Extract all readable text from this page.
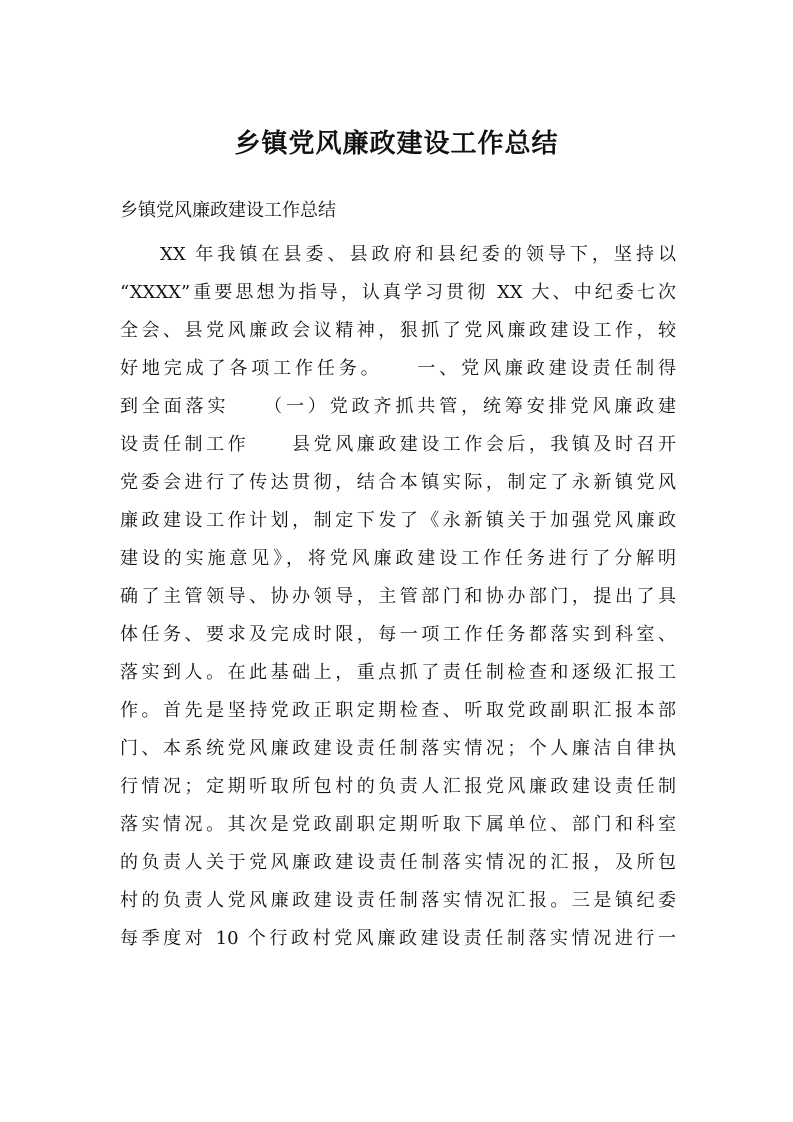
乡镇党风廉政建设工作总结

乡镇党风廉政建设工作总结

XX 年我镇在县委、县政府和县纪委的领导下，坚持以
“XXXX”重要思想为指导，认真学习贯彻 XX 大、中纪委七次
全会、县党风廉政会议精神，狠抓了党风廉政建设工作，较
好地完成了各项工作任务。　　一、党风廉政建设责任制得
到全面落实　　（一）党政齐抓共管，统筹安排党风廉政建
设责任制工作　　县党风廉政建设工作会后，我镇及时召开
党委会进行了传达贯彻，结合本镇实际，制定了永新镇党风
廉政建设工作计划，制定下发了《永新镇关于加强党风廉政
建设的实施意见》，将党风廉政建设工作任务进行了分解明
确了主管领导、协办领导，主管部门和协办部门，提出了具
体任务、要求及完成时限，每一项工作任务都落实到科室、
落实到人。在此基础上，重点抓了责任制检查和逐级汇报工
作。首先是坚持党政正职定期检查、听取党政副职汇报本部
门、本系统党风廉政建设责任制落实情况；个人廉洁自律执
行情况；定期听取所包村的负责人汇报党风廉政建设责任制
落实情况。其次是党政副职定期听取下属单位、部门和科室
的负责人关于党风廉政建设责任制落实情况的汇报，及所包
村的负责人党风廉政建设责任制落实情况汇报。三是镇纪委
每季度对 10 个行政村党风廉政建设责任制落实情况进行一
